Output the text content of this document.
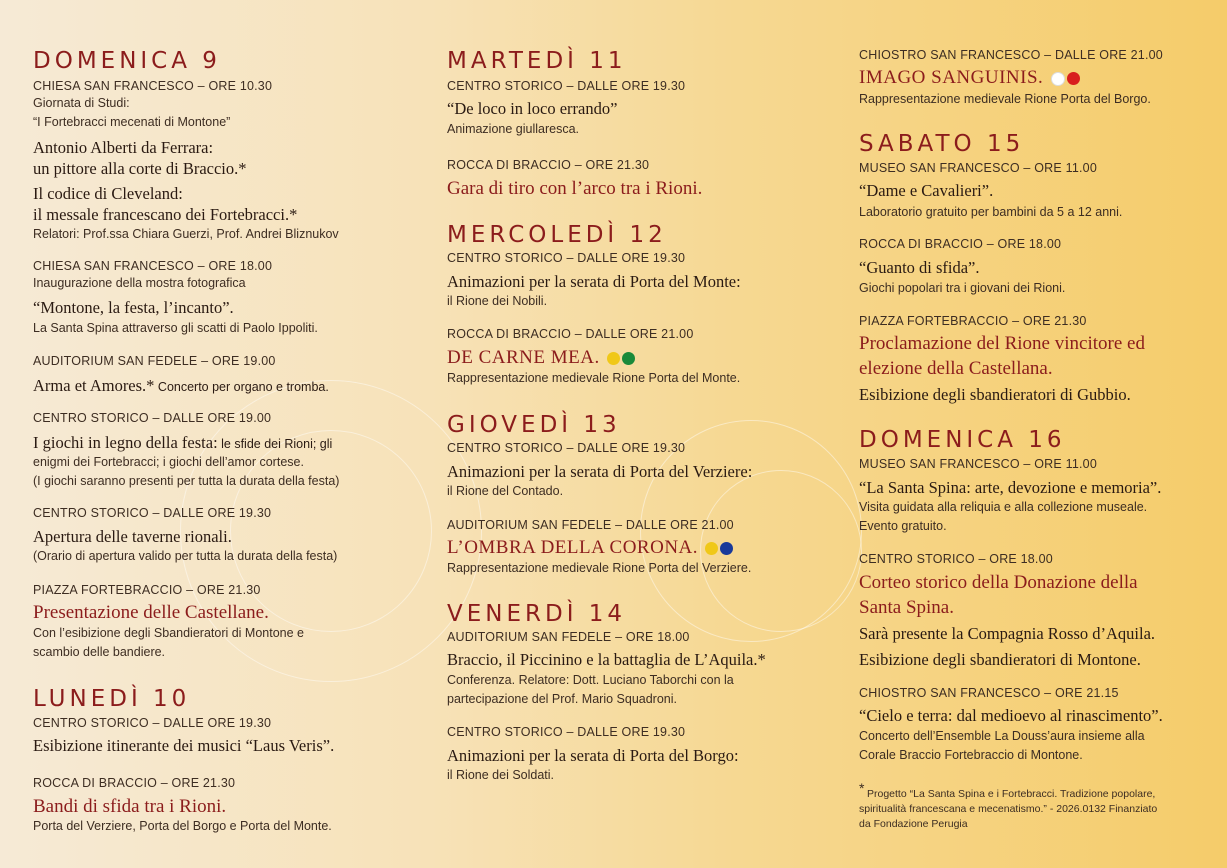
DOMENICA 9
CHIESA SAN FRANCESCO – ORE 10.30
Giornata di Studi:
“I Fortebracci mecenati di Montone”
Antonio Alberti da Ferrara:
un pittore alla corte di Braccio.*
Il codice di Cleveland:
il messale francescano dei Fortebracci.*
Relatori: Prof.ssa Chiara Guerzi, Prof. Andrei Bliznukov
CHIESA SAN FRANCESCO – ORE 18.00
Inaugurazione della mostra fotografica
“Montone, la festa, l’incanto”.
La Santa Spina attraverso gli scatti di Paolo Ippoliti.
AUDITORIUM SAN FEDELE – ORE 19.00
Arma et Amores.* Concerto per organo e tromba.
CENTRO STORICO – DALLE ORE 19.00
I giochi in legno della festa: le sfide dei Rioni; gli
enigmi dei Fortebracci; i giochi dell’amor cortese.
(I giochi saranno presenti per tutta la durata della festa)
CENTRO STORICO – DALLE ORE 19.30
Apertura delle taverne rionali.
(Orario di apertura valido per tutta la durata della festa)
PIAZZA FORTEBRACCIO – ORE 21.30
Presentazione delle Castellane.
Con l’esibizione degli Sbandieratori di Montone e
scambio delle bandiere.
LUNEDÌ 10
CENTRO STORICO – DALLE ORE 19.30
Esibizione itinerante dei musici “Laus Veris”.
ROCCA DI BRACCIO – ORE 21.30
Bandi di sfida tra i Rioni.
Porta del Verziere, Porta del Borgo e Porta del Monte.
MARTEDÌ 11
CENTRO STORICO – DALLE ORE 19.30
“De loco in loco errando”
Animazione giullaresca.
ROCCA DI BRACCIO – ORE 21.30
Gara di tiro con l’arco tra i Rioni.
MERCOLEDÌ 12
CENTRO STORICO – DALLE ORE 19.30
Animazioni per la serata di Porta del Monte:
il Rione dei Nobili.
ROCCA DI BRACCIO – DALLE ORE 21.00
DE CARNE MEA.
Rappresentazione medievale Rione Porta del Monte.
GIOVEDÌ 13
CENTRO STORICO – DALLE ORE 19.30
Animazioni per la serata di Porta del Verziere:
il Rione del Contado.
AUDITORIUM SAN FEDELE – DALLE ORE 21.00
L’OMBRA DELLA CORONA.
Rappresentazione medievale Rione Porta del Verziere.
VENERDÌ 14
AUDITORIUM SAN FEDELE – ORE 18.00
Braccio, il Piccinino e la battaglia de L’Aquila.*
Conferenza. Relatore: Dott. Luciano Taborchi con la
partecipazione del Prof. Mario Squadroni.
CENTRO STORICO – DALLE ORE 19.30
Animazioni per la serata di Porta del Borgo:
il Rione dei Soldati.
CHIOSTRO SAN FRANCESCO – DALLE ORE 21.00
IMAGO SANGUINIS.
Rappresentazione medievale Rione Porta del Borgo.
SABATO 15
MUSEO SAN FRANCESCO – ORE 11.00
“Dame e Cavalieri”.
Laboratorio gratuito per bambini da 5 a 12 anni.
ROCCA DI BRACCIO – ORE 18.00
“Guanto di sfida”.
Giochi popolari tra i giovani dei Rioni.
PIAZZA FORTEBRACCIO – ORE 21.30
Proclamazione del Rione vincitore ed
elezione della Castellana.
Esibizione degli sbandieratori di Gubbio.
DOMENICA 16
MUSEO SAN FRANCESCO – ORE 11.00
“La Santa Spina: arte, devozione e memoria”.
Visita guidata alla reliquia e alla collezione museale.
Evento gratuito.
CENTRO STORICO – ORE 18.00
Corteo storico della Donazione della
Santa Spina.
Sarà presente la Compagnia Rosso d’Aquila.
Esibizione degli sbandieratori di Montone.
CHIOSTRO SAN FRANCESCO – ORE 21.15
“Cielo e terra: dal medioevo al rinascimento”.
Concerto dell’Ensemble La Douss’aura insieme alla
Corale Braccio Fortebraccio di Montone.
* Progetto “La Santa Spina e i Fortebracci. Tradizione popolare,
spiritualità francescana e mecenatismo.” - 2026.0132 Finanziato
da Fondazione Perugia
